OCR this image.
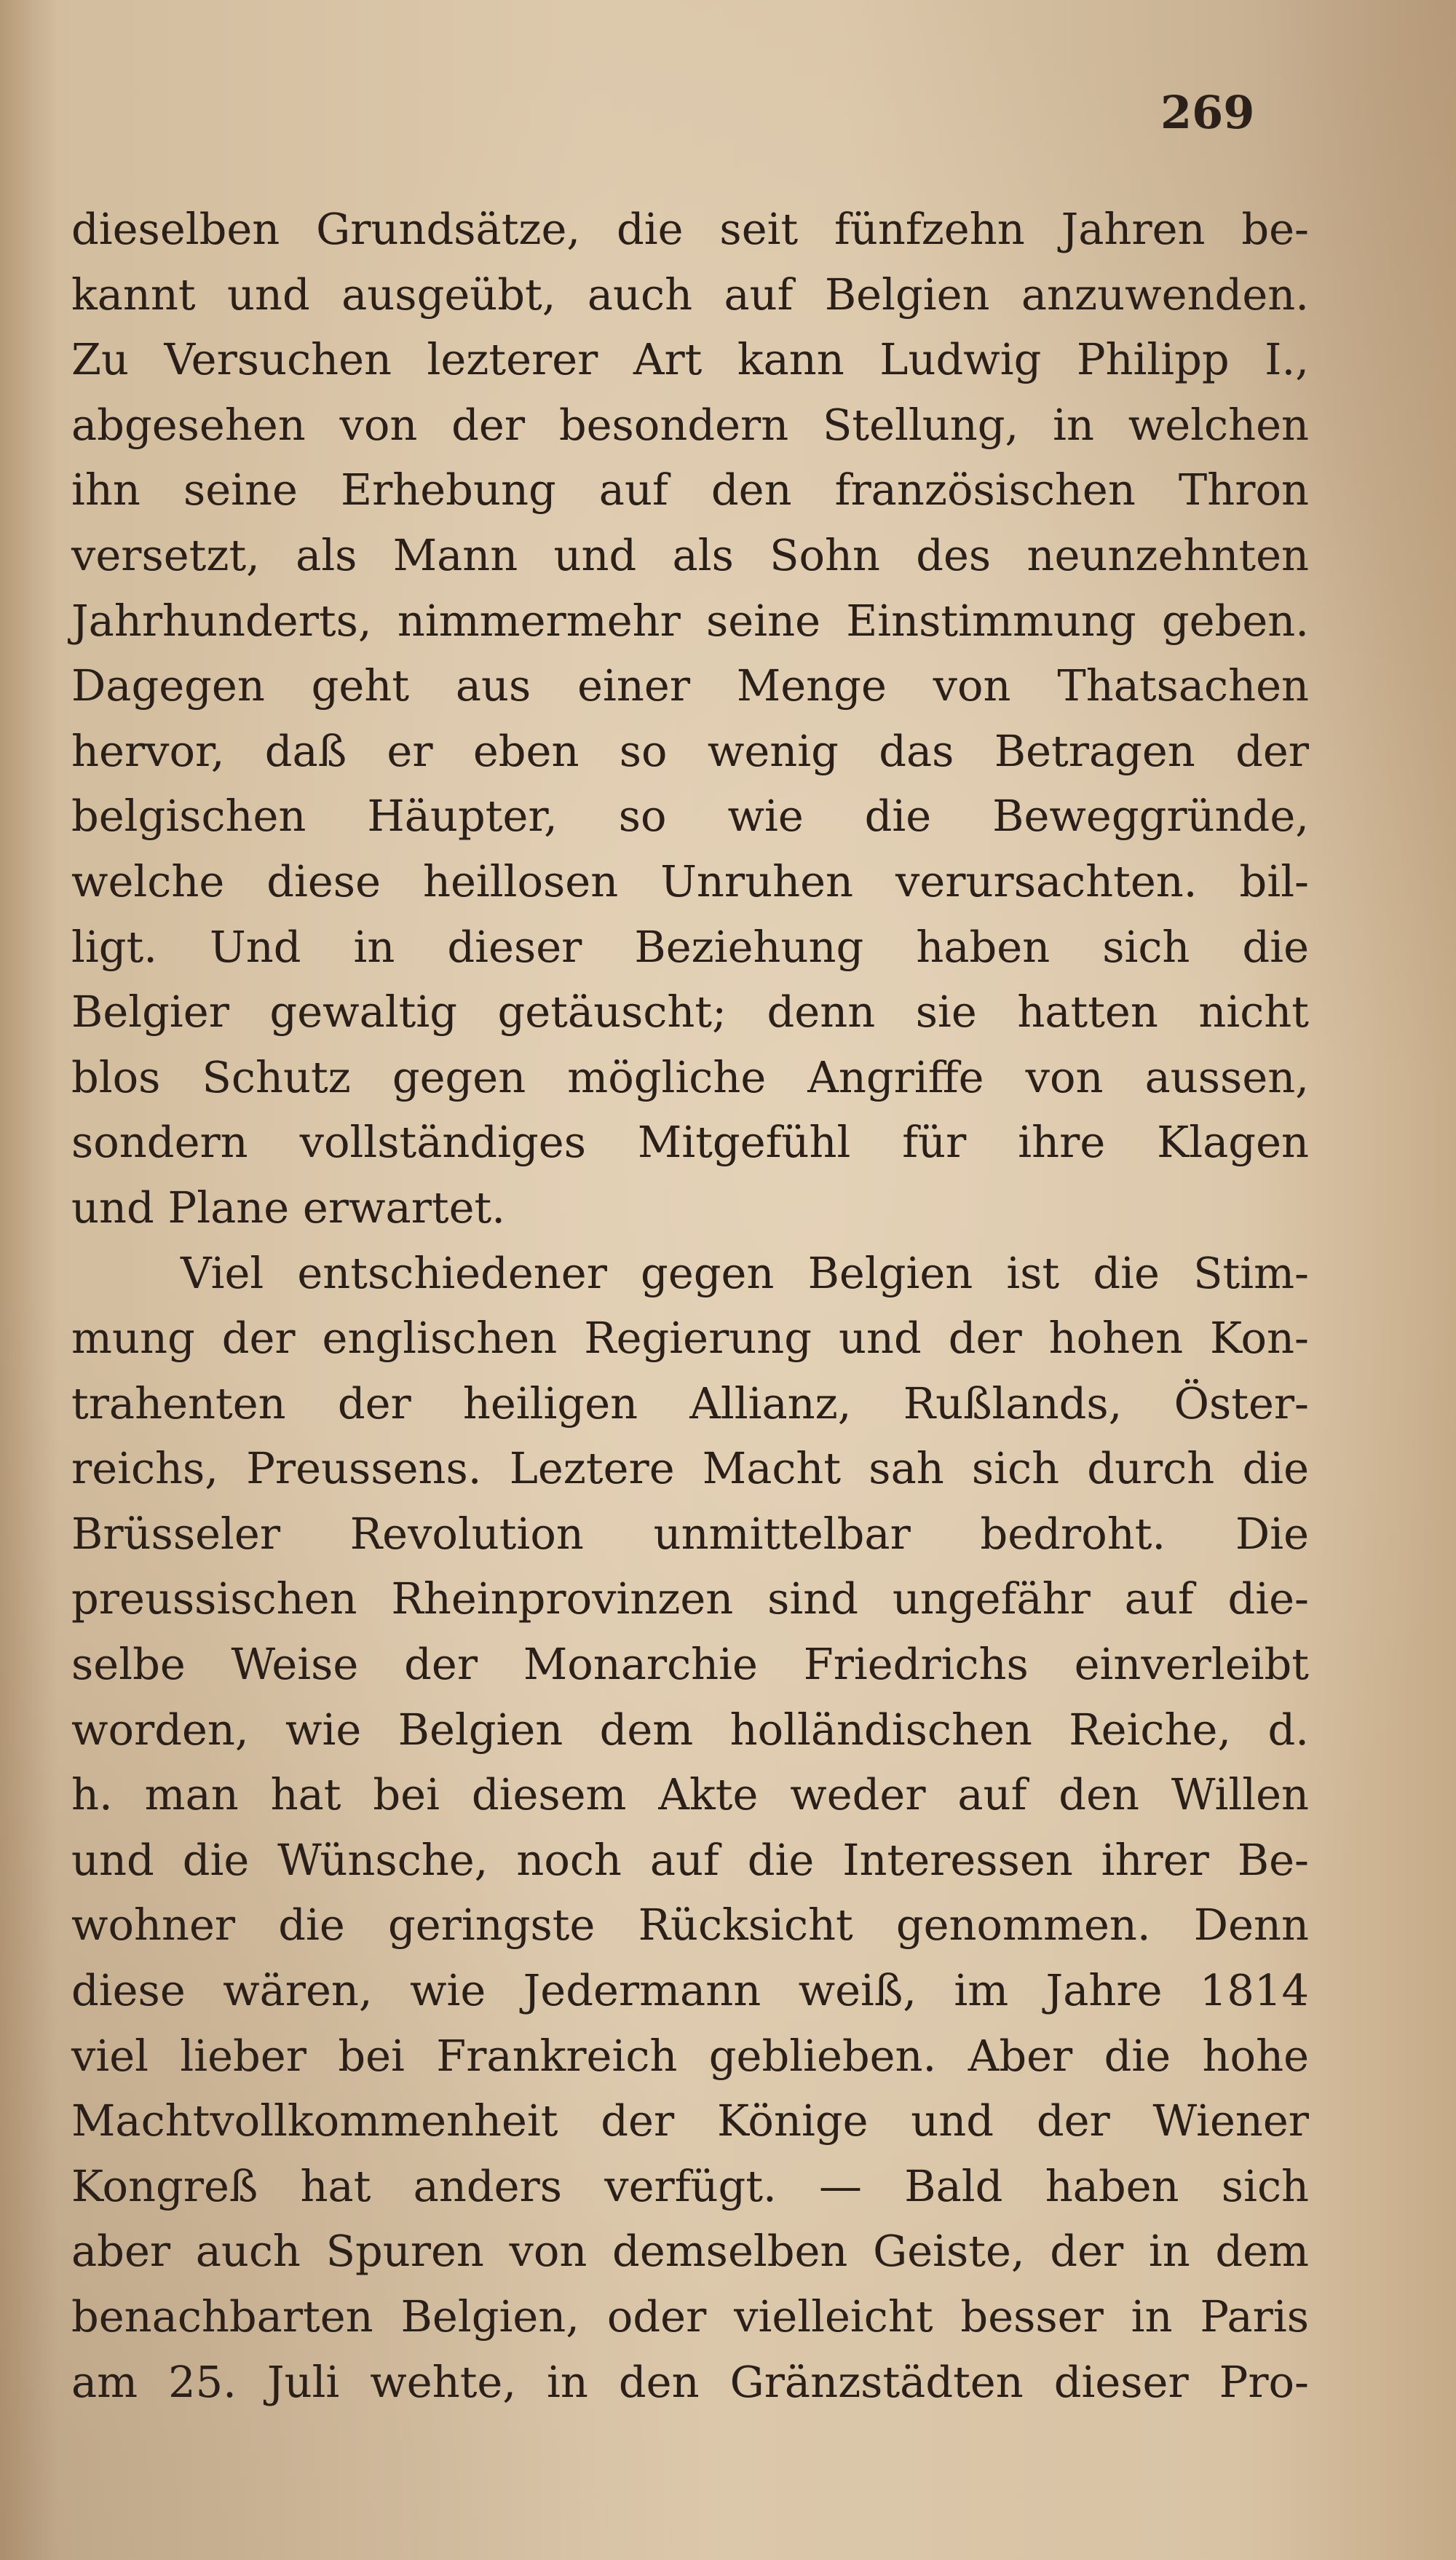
269
dieselben Grundsätze, die seit fünfzehn Jahren be-
kannt und ausgeübt, auch auf Belgien anzuwenden.
Zu Versuchen lezterer Art kann Ludwig Philipp I.,
abgesehen von der besondern Stellung, in welchen
ihn seine Erhebung auf den französischen Thron
versetzt, als Mann und als Sohn des neunzehnten
Jahrhunderts, nimmermehr seine Einstimmung geben.
Dagegen geht aus einer Menge von Thatsachen
hervor, daß er eben so wenig das Betragen der
belgischen Häupter, so wie die Beweggründe,
welche diese heillosen Unruhen verursachten. bil-
ligt. Und in dieser Beziehung haben sich die
Belgier gewaltig getäuscht; denn sie hatten nicht
blos Schutz gegen mögliche Angriffe von aussen,
sondern vollständiges Mitgefühl für ihre Klagen
und Plane erwartet.
Viel entschiedener gegen Belgien ist die Stim-
mung der englischen Regierung und der hohen Kon-
trahenten der heiligen Allianz, Rußlands, Öster-
reichs, Preussens. Leztere Macht sah sich durch die
Brüsseler Revolution unmittelbar bedroht. Die
preussischen Rheinprovinzen sind ungefähr auf die-
selbe Weise der Monarchie Friedrichs einverleibt
worden, wie Belgien dem holländischen Reiche, d.
h. man hat bei diesem Akte weder auf den Willen
und die Wünsche, noch auf die Interessen ihrer Be-
wohner die geringste Rücksicht genommen. Denn
diese wären, wie Jedermann weiß, im Jahre 1814
viel lieber bei Frankreich geblieben. Aber die hohe
Machtvollkommenheit der Könige und der Wiener
Kongreß hat anders verfügt. — Bald haben sich
aber auch Spuren von demselben Geiste, der in dem
benachbarten Belgien, oder vielleicht besser in Paris
am 25. Juli wehte, in den Gränzstädten dieser Pro-
